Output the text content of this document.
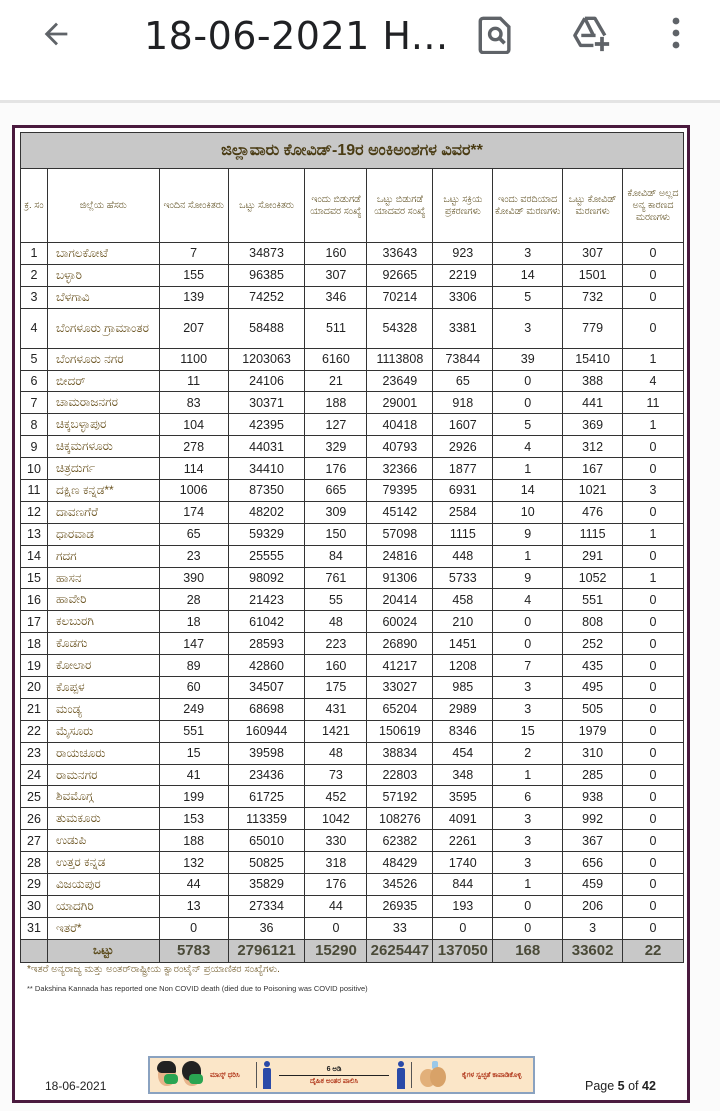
18-06-2021 H...
ಜಿಲ್ಲಾವಾರು ಕೋವಿಡ್-19ರ ಅಂಕಿಅಂಶಗಳ ವಿವರ**									
ಕ್ರ. ಸಂ	ಜಿಲ್ಲೆಯ ಹೆಸರು	ಇಂದಿನ ಸೋಂಕಿತರು	ಒಟ್ಟು ಸೋಂಕಿತರು	ಇಂದು ಬಿಡುಗಡೆ ಯಾದವರ ಸಂಖ್ಯೆ	ಒಟ್ಟು ಬಿಡುಗಡೆ ಯಾದವರ ಸಂಖ್ಯೆ	ಒಟ್ಟು ಸಕ್ರಿಯ ಪ್ರಕರಣಗಳು	ಇಂದು ವರದಿಯಾದ ಕೋವಿಡ್ ಮರಣಗಳು	ಒಟ್ಟು ಕೋವಿಡ್ ಮರಣಗಳು	ಕೋವಿಡ್ ಅಲ್ಲದ ಅನ್ಯ ಕಾರಣದ ಮರಣಗಳು
1	ಬಾಗಲಕೋಟೆ	7	34873	160	33643	923	3	307	0
2	ಬಳ್ಳಾರಿ	155	96385	307	92665	2219	14	1501	0
3	ಬೆಳಗಾವಿ	139	74252	346	70214	3306	5	732	0
4	ಬೆಂಗಳೂರು ಗ್ರಾಮಾಂತರ	207	58488	511	54328	3381	3	779	0
5	ಬೆಂಗಳೂರು ನಗರ	1100	1203063	6160	1113808	73844	39	15410	1
6	ಬೀದರ್	11	24106	21	23649	65	0	388	4
7	ಚಾಮರಾಜನಗರ	83	30371	188	29001	918	0	441	11
8	ಚಿಕ್ಕಬಳ್ಳಾಪುರ	104	42395	127	40418	1607	5	369	1
9	ಚಿಕ್ಕಮಗಳೂರು	278	44031	329	40793	2926	4	312	0
10	ಚಿತ್ರದುರ್ಗ	114	34410	176	32366	1877	1	167	0
11	ದಕ್ಷಿಣ ಕನ್ನಡ**	1006	87350	665	79395	6931	14	1021	3
12	ದಾವಣಗೆರೆ	174	48202	309	45142	2584	10	476	0
13	ಧಾರವಾಡ	65	59329	150	57098	1115	9	1115	1
14	ಗದಗ	23	25555	84	24816	448	1	291	0
15	ಹಾಸನ	390	98092	761	91306	5733	9	1052	1
16	ಹಾವೇರಿ	28	21423	55	20414	458	4	551	0
17	ಕಲಬುರಗಿ	18	61042	48	60024	210	0	808	0
18	ಕೊಡಗು	147	28593	223	26890	1451	0	252	0
19	ಕೋಲಾರ	89	42860	160	41217	1208	7	435	0
20	ಕೊಪ್ಪಳ	60	34507	175	33027	985	3	495	0
21	ಮಂಡ್ಯ	249	68698	431	65204	2989	3	505	0
22	ಮೈಸೂರು	551	160944	1421	150619	8346	15	1979	0
23	ರಾಯಚೂರು	15	39598	48	38834	454	2	310	0
24	ರಾಮನಗರ	41	23436	73	22803	348	1	285	0
25	ಶಿವಮೊಗ್ಗ	199	61725	452	57192	3595	6	938	0
26	ತುಮಕೂರು	153	113359	1042	108276	4091	3	992	0
27	ಉಡುಪಿ	188	65010	330	62382	2261	3	367	0
28	ಉತ್ತರ ಕನ್ನಡ	132	50825	318	48429	1740	3	656	0
29	ವಿಜಯಪುರ	44	35829	176	34526	844	1	459	0
30	ಯಾದಗಿರಿ	13	27334	44	26935	193	0	206	0
31	ಇತರೆ*	0	36	0	33	0	0	3	0
	ಒಟ್ಟು	5783	2796121	15290	2625447	137050	168	33602	22
*ಇತರೆ ಅನ್ಯರಾಜ್ಯ ಮತ್ತು ಅಂತರ್‌ರಾಷ್ಟ್ರೀಯ ಕ್ವಾರಂಟೈನ್ ಪ್ರಯಾಣಿಕರ ಸಂಖ್ಯೆಗಳು.
** Dakshina Kannada has reported one Non COVID death (died due to Poisoning was COVID positive)
18-06-2021
ಮಾಸ್ಕ್ ಧರಿಸಿ
6 ಅಡಿ
ದೈಹಿಕ ಅಂತರ ಪಾಲಿಸಿ
ಕೈಗಳ ಸ್ವಚ್ಛತೆ ಕಾಪಾಡಿಕೊಳ್ಳಿ
Page 5 of 42
